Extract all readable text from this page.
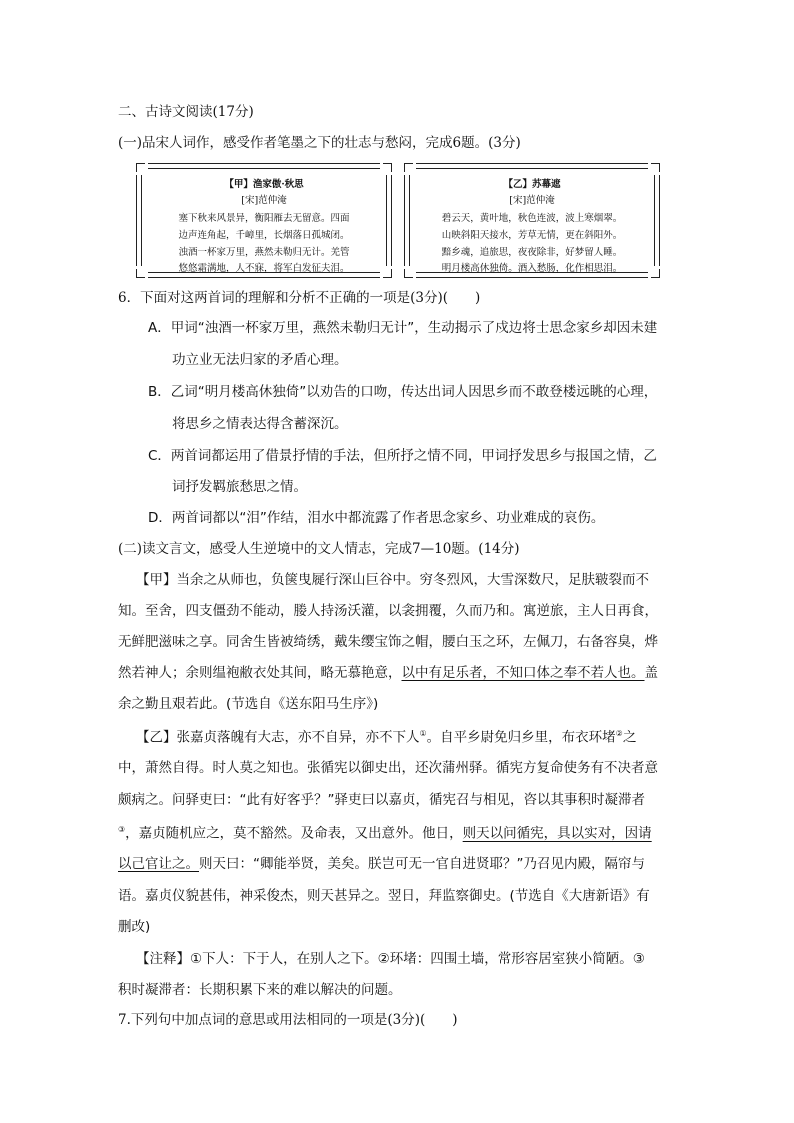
二、古诗文阅读(17分)
(一)品宋人词作，感受作者笔墨之下的壮志与愁闷，完成6题。(3分)
【甲】渔家傲·秋思
[宋]范仲淹
塞下秋来风景异，衡阳雁去无留意。四面
边声连角起，千嶂里，长烟落日孤城闭。
浊酒一杯家万里，燕然未勒归无计。羌管
悠悠霜满地，人不寐，将军白发征夫泪。
【乙】苏幕遮
[宋]范仲淹
碧云天，黄叶地，秋色连波，波上寒烟翠。
山映斜阳天接水，芳草无情，更在斜阳外。
黯乡魂，追旅思，夜夜除非，好梦留人睡。
明月楼高休独倚。酒入愁肠，化作相思泪。
6．下面对这两首词的理解和分析不正确的一项是(3分)(　　)
A．甲词“浊酒一杯家万里，燕然未勒归无计”，生动揭示了戍边将士思念家乡却因未建
功立业无法归家的矛盾心理。
B．乙词“明月楼高休独倚”以劝告的口吻，传达出词人因思乡而不敢登楼远眺的心理，
将思乡之情表达得含蓄深沉。
C．两首词都运用了借景抒情的手法，但所抒之情不同，甲词抒发思乡与报国之情，乙
词抒发羁旅愁思之情。
D．两首词都以“泪”作结，泪水中都流露了作者思念家乡、功业难成的哀伤。
(二)读文言文，感受人生逆境中的文人情志，完成7—10题。(14分)
【甲】当余之从师也，负箧曳屣行深山巨谷中。穷冬烈风，大雪深数尺，足肤皲裂而不
知。至舍，四支僵劲不能动，媵人持汤沃灌，以衾拥覆，久而乃和。寓逆旅，主人日再食，
无鲜肥滋味之享。同舍生皆被绮绣，戴朱缨宝饰之帽，腰白玉之环，左佩刀，右备容臭，烨
然若神人；余则缊袍敝衣处其间，略无慕艳意，以中有足乐者，不知口体之奉不若人也。盖
余之勤且艰若此。(节选自《送东阳马生序》)
【乙】张嘉贞落魄有大志，亦不自异，亦不下人①。自平乡尉免归乡里，布衣环堵②之
中，萧然自得。时人莫之知也。张循宪以御史出，还次蒲州驿。循宪方复命使务有不决者意
颇病之。问驿吏曰：“此有好客乎？”驿吏曰以嘉贞，循宪召与相见，咨以其事积时凝滞者
③，嘉贞随机应之，莫不豁然。及命表，又出意外。他日，则天以问循宪，具以实对，因请
以己官让之。则天曰：“卿能举贤，美矣。朕岂可无一官自进贤耶？”乃召见内殿，隔帘与
语。嘉贞仪貌甚伟，神采俊杰，则天甚异之。翌日，拜监察御史。(节选自《大唐新语》有
删改)
【注释】①下人：下于人，在别人之下。②环堵：四围土墙，常形容居室狭小简陋。③
积时凝滞者：长期积累下来的难以解决的问题。
7.下列句中加点词的意思或用法相同的一项是(3分)(　　)
